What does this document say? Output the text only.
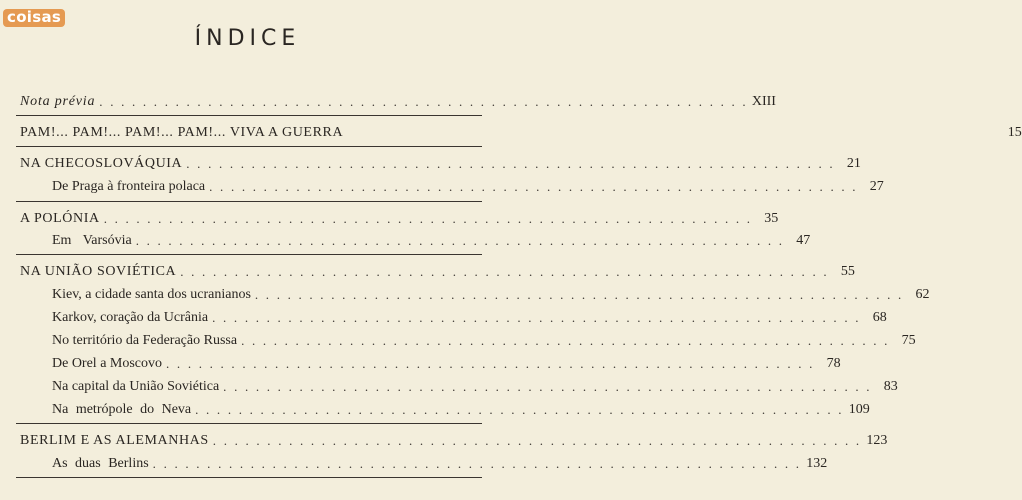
coisas
ÍNDICE
Nota prévia . . . . . . . . . . . . . . . . . . . . . . . . . . . . . . . . . . . . . . . . . . . . . . . . . . . . . . . . . . . . XIII
PAM!... PAM!... PAM!... PAM!... VIVA A GUERRA	15
NA CHECOSLOVÁQUIA . . . . . . . . . . . . . . . . . . . . . . . . . . . . . . . . . . . . . . . . . . . . . . . . . . . . . . . . . . . . 21
De Praga à fronteira polaca . . . . . . . . . . . . . . . . . . . . . . . . . . . . . . . . . . . . . . . . . . . . . . . . . . . . . . . . . . . . 27
A POLÓNIA . . . . . . . . . . . . . . . . . . . . . . . . . . . . . . . . . . . . . . . . . . . . . . . . . . . . . . . . . . . . 35
Em Varsóvia . . . . . . . . . . . . . . . . . . . . . . . . . . . . . . . . . . . . . . . . . . . . . . . . . . . . . . . . . . . . 47
NA UNIÃO SOVIÉTICA . . . . . . . . . . . . . . . . . . . . . . . . . . . . . . . . . . . . . . . . . . . . . . . . . . . . . . . . . . . . 55
Kiev, a cidade santa dos ucranianos . . . . . . . . . . . . . . . . . . . . . . . . . . . . . . . . . . . . . . . . . . . . . . . . . . . . . . . . . . . . 62
Karkov, coração da Ucrânia . . . . . . . . . . . . . . . . . . . . . . . . . . . . . . . . . . . . . . . . . . . . . . . . . . . . . . . . . . . . 68
No território da Federação Russa . . . . . . . . . . . . . . . . . . . . . . . . . . . . . . . . . . . . . . . . . . . . . . . . . . . . . . . . . . . . 75
De Orel a Moscovo . . . . . . . . . . . . . . . . . . . . . . . . . . . . . . . . . . . . . . . . . . . . . . . . . . . . . . . . . . . . 78
Na capital da União Soviética . . . . . . . . . . . . . . . . . . . . . . . . . . . . . . . . . . . . . . . . . . . . . . . . . . . . . . . . . . . . 83
Na metrópole do Neva . . . . . . . . . . . . . . . . . . . . . . . . . . . . . . . . . . . . . . . . . . . . . . . . . . . . . . . . . . . . 109
BERLIM E AS ALEMANHAS . . . . . . . . . . . . . . . . . . . . . . . . . . . . . . . . . . . . . . . . . . . . . . . . . . . . . . . . . . . . 123
As duas Berlins . . . . . . . . . . . . . . . . . . . . . . . . . . . . . . . . . . . . . . . . . . . . . . . . . . . . . . . . . . . . 132
